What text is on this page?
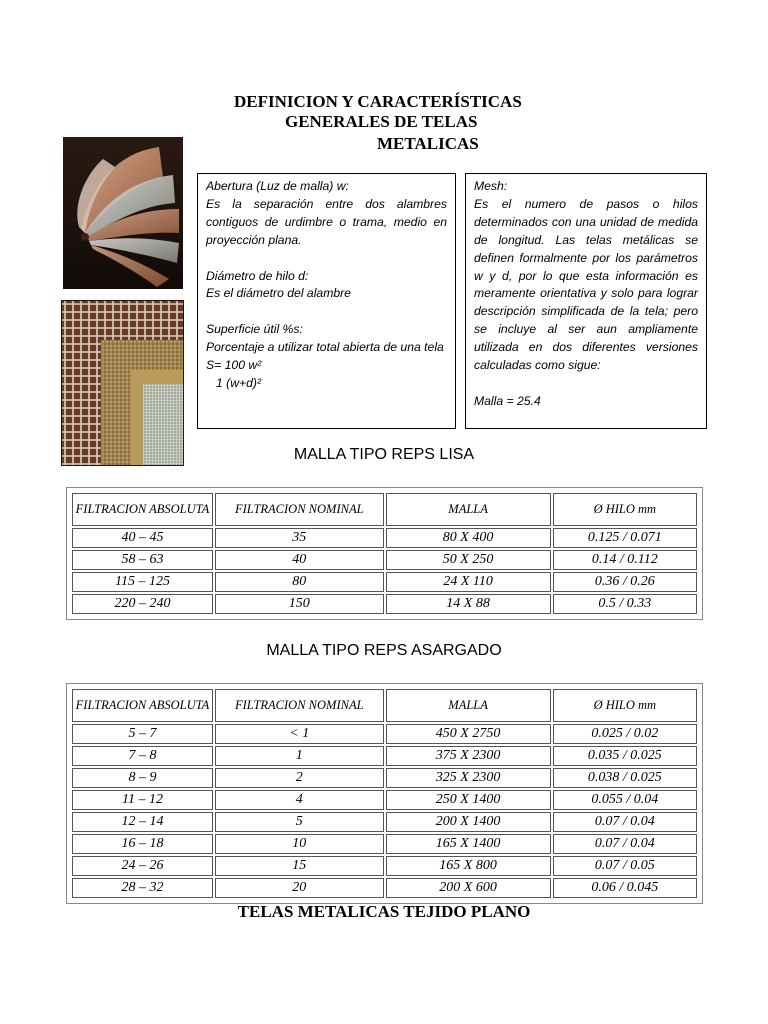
DEFINICION Y CARACTERÍSTICAS
GENERALES DE TELAS
METALICAS

Abertura (Luz de malla) w:

Es la separación entre dos alambres contiguos de urdimbre o trama, medio en proyección plana.

Diámetro de hilo d:

Es el diámetro del alambre

Superficie útil %s:

Porcentaje a utilizar total abierta de una tela S= 100 w²

1 (w+d)²

Mesh:

Es el numero de pasos o hilos determinados con una unidad de medida de longitud. Las telas metálicas se definen formalmente por los parámetros w y d, por lo que esta información es meramente orientativa y solo para lograr descripción simplificada de la tela; pero se incluye al ser aun ampliamente utilizada en dos diferentes versiones calculadas como sigue:

Malla = 25.4

MALLA TIPO REPS LISA
FILTRACION ABSOLUTA	FILTRACION NOMINAL	MALLA	Ø HILO mm
40 – 45	35	80 X 400	0.125 / 0.071
58 – 63	40	50 X 250	0.14 / 0.112
115 – 125	80	24 X 110	0.36 / 0.26
220 – 240	150	14 X 88	0.5 / 0.33
MALLA TIPO REPS ASARGADO
FILTRACION ABSOLUTA	FILTRACION NOMINAL	MALLA	Ø HILO mm
5 – 7	< 1	450 X 2750	0.025 / 0.02
7 – 8	1	375 X 2300	0.035 / 0.025
8 – 9	2	325 X 2300	0.038 / 0.025
11 – 12	4	250 X 1400	0.055 / 0.04
12 – 14	5	200 X 1400	0.07 / 0.04
16 – 18	10	165 X 1400	0.07 / 0.04
24 – 26	15	165 X 800	0.07 / 0.05
28 – 32	20	200 X 600	0.06 / 0.045
TELAS METALICAS TEJIDO PLANO
